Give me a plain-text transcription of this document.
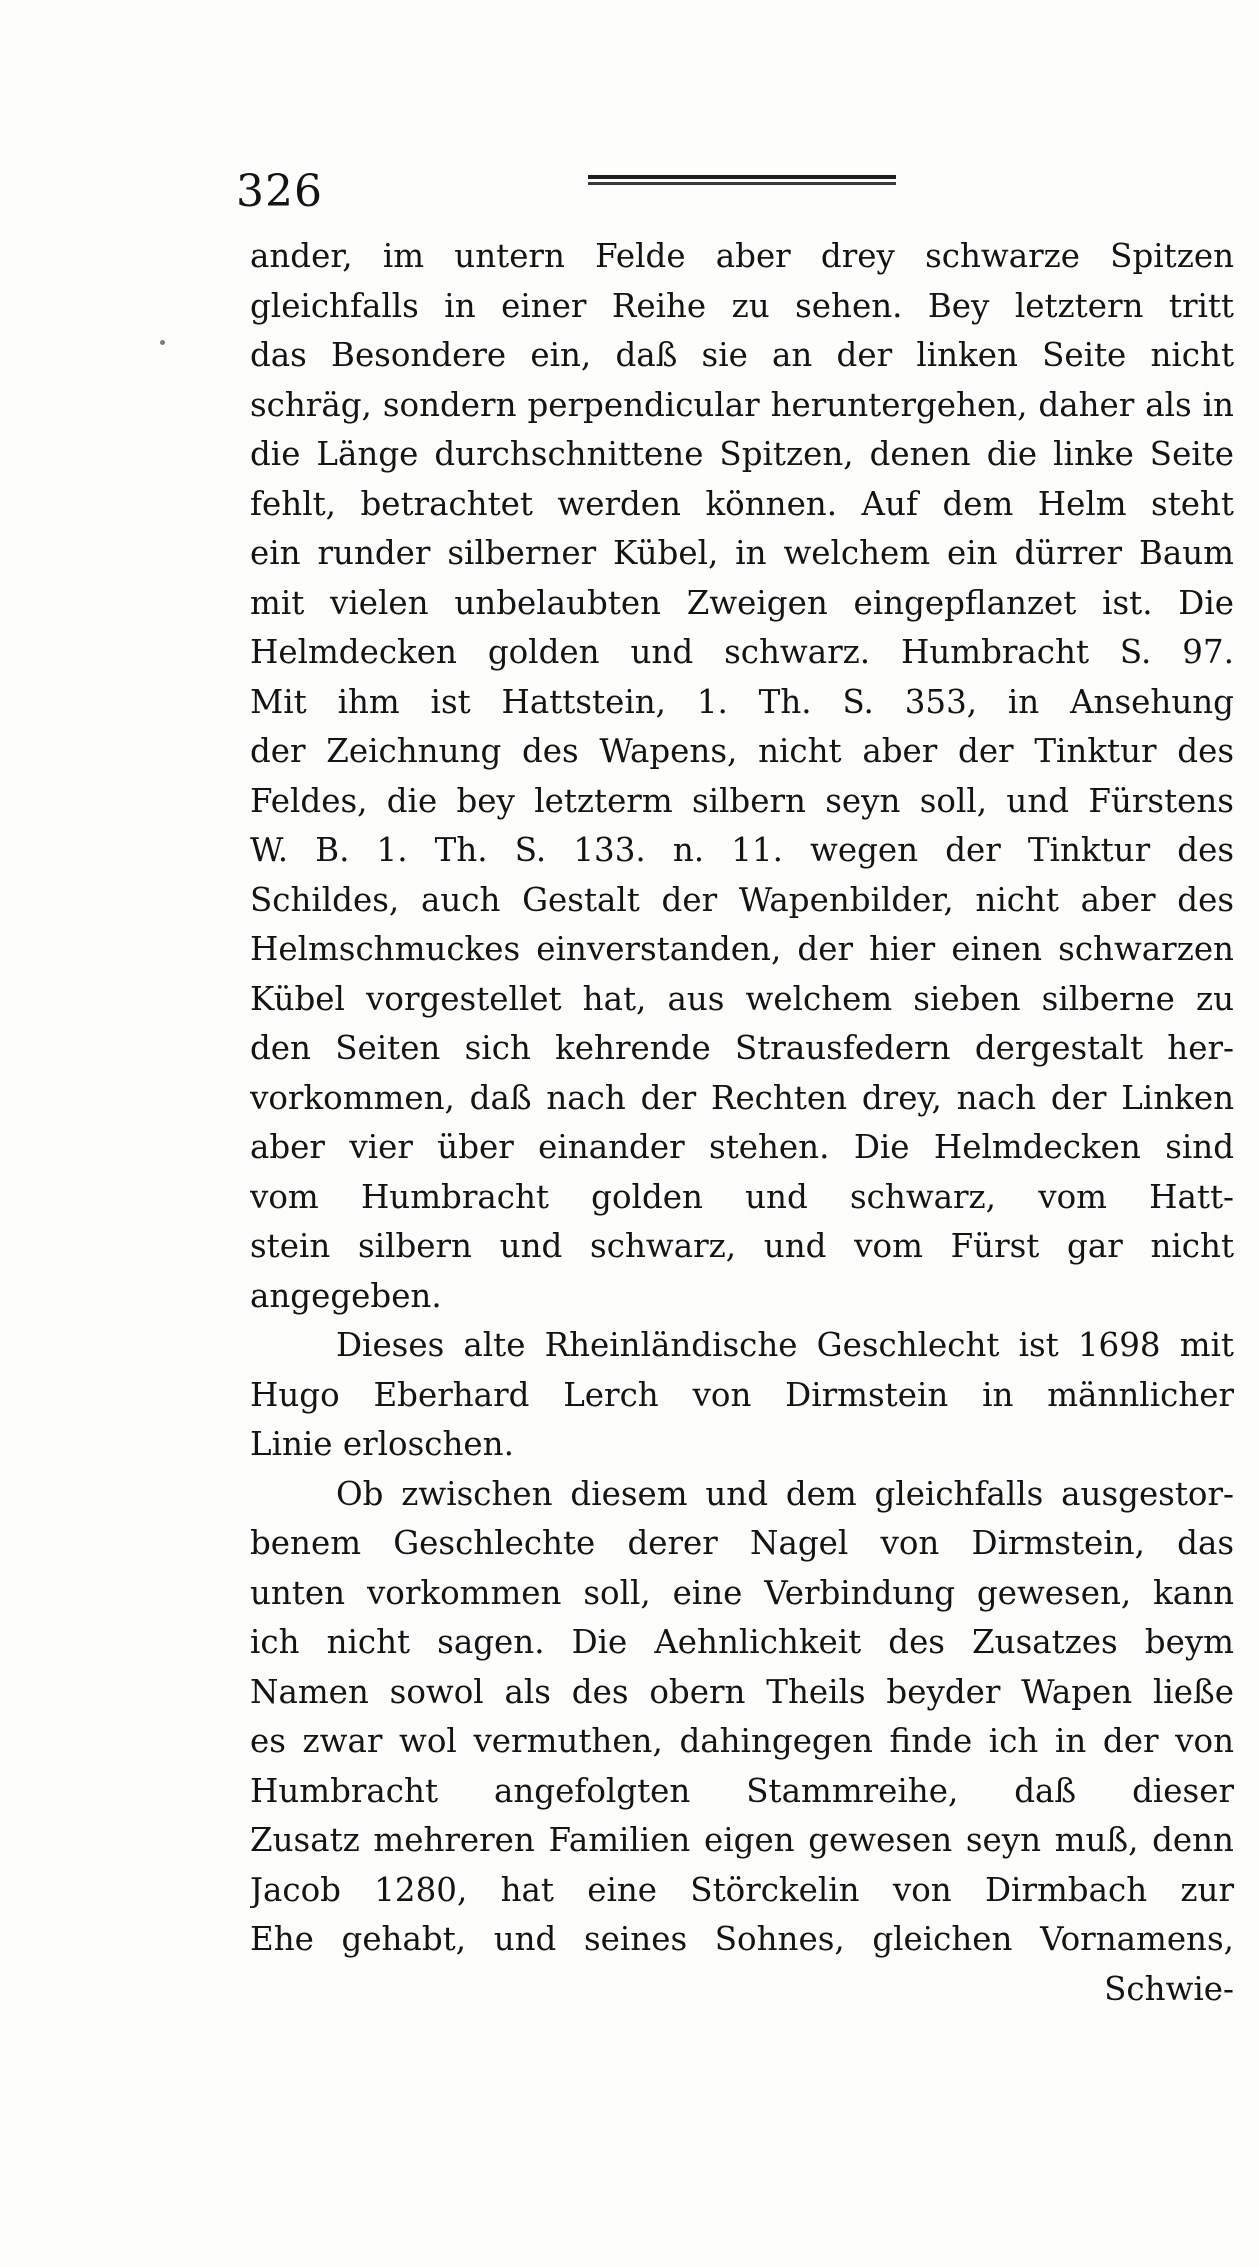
326
ander, im untern Felde aber drey schwarze Spitzen
gleichfalls in einer Reihe zu sehen. Bey letztern tritt
das Besondere ein, daß sie an der linken Seite nicht
schräg, sondern perpendicular heruntergehen, daher als in
die Länge durchschnittene Spitzen, denen die linke Seite
fehlt, betrachtet werden können. Auf dem Helm steht
ein runder silberner Kübel, in welchem ein dürrer Baum
mit vielen unbelaubten Zweigen eingepflanzet ist. Die
Helmdecken golden und schwarz. Humbracht S. 97.
Mit ihm ist Hattstein, 1. Th. S. 353, in Ansehung
der Zeichnung des Wapens, nicht aber der Tinktur des
Feldes, die bey letzterm silbern seyn soll, und Fürstens
W. B. 1. Th. S. 133. n. 11. wegen der Tinktur des
Schildes, auch Gestalt der Wapenbilder, nicht aber des
Helmschmuckes einverstanden, der hier einen schwarzen
Kübel vorgestellet hat, aus welchem sieben silberne zu
den Seiten sich kehrende Strausfedern dergestalt her-
vorkommen, daß nach der Rechten drey, nach der Linken
aber vier über einander stehen. Die Helmdecken sind
vom Humbracht golden und schwarz, vom Hatt-
stein silbern und schwarz, und vom Fürst gar nicht
angegeben.
Dieses alte Rheinländische Geschlecht ist 1698 mit
Hugo Eberhard Lerch von Dirmstein in männlicher
Linie erloschen.
Ob zwischen diesem und dem gleichfalls ausgestor-
benem Geschlechte derer Nagel von Dirmstein, das
unten vorkommen soll, eine Verbindung gewesen, kann
ich nicht sagen. Die Aehnlichkeit des Zusatzes beym
Namen sowol als des obern Theils beyder Wapen ließe
es zwar wol vermuthen, dahingegen finde ich in der von
Humbracht angefolgten Stammreihe, daß dieser
Zusatz mehreren Familien eigen gewesen seyn muß, denn
Jacob 1280, hat eine Störckelin von Dirmbach zur
Ehe gehabt, und seines Sohnes, gleichen Vornamens,
Schwie-
